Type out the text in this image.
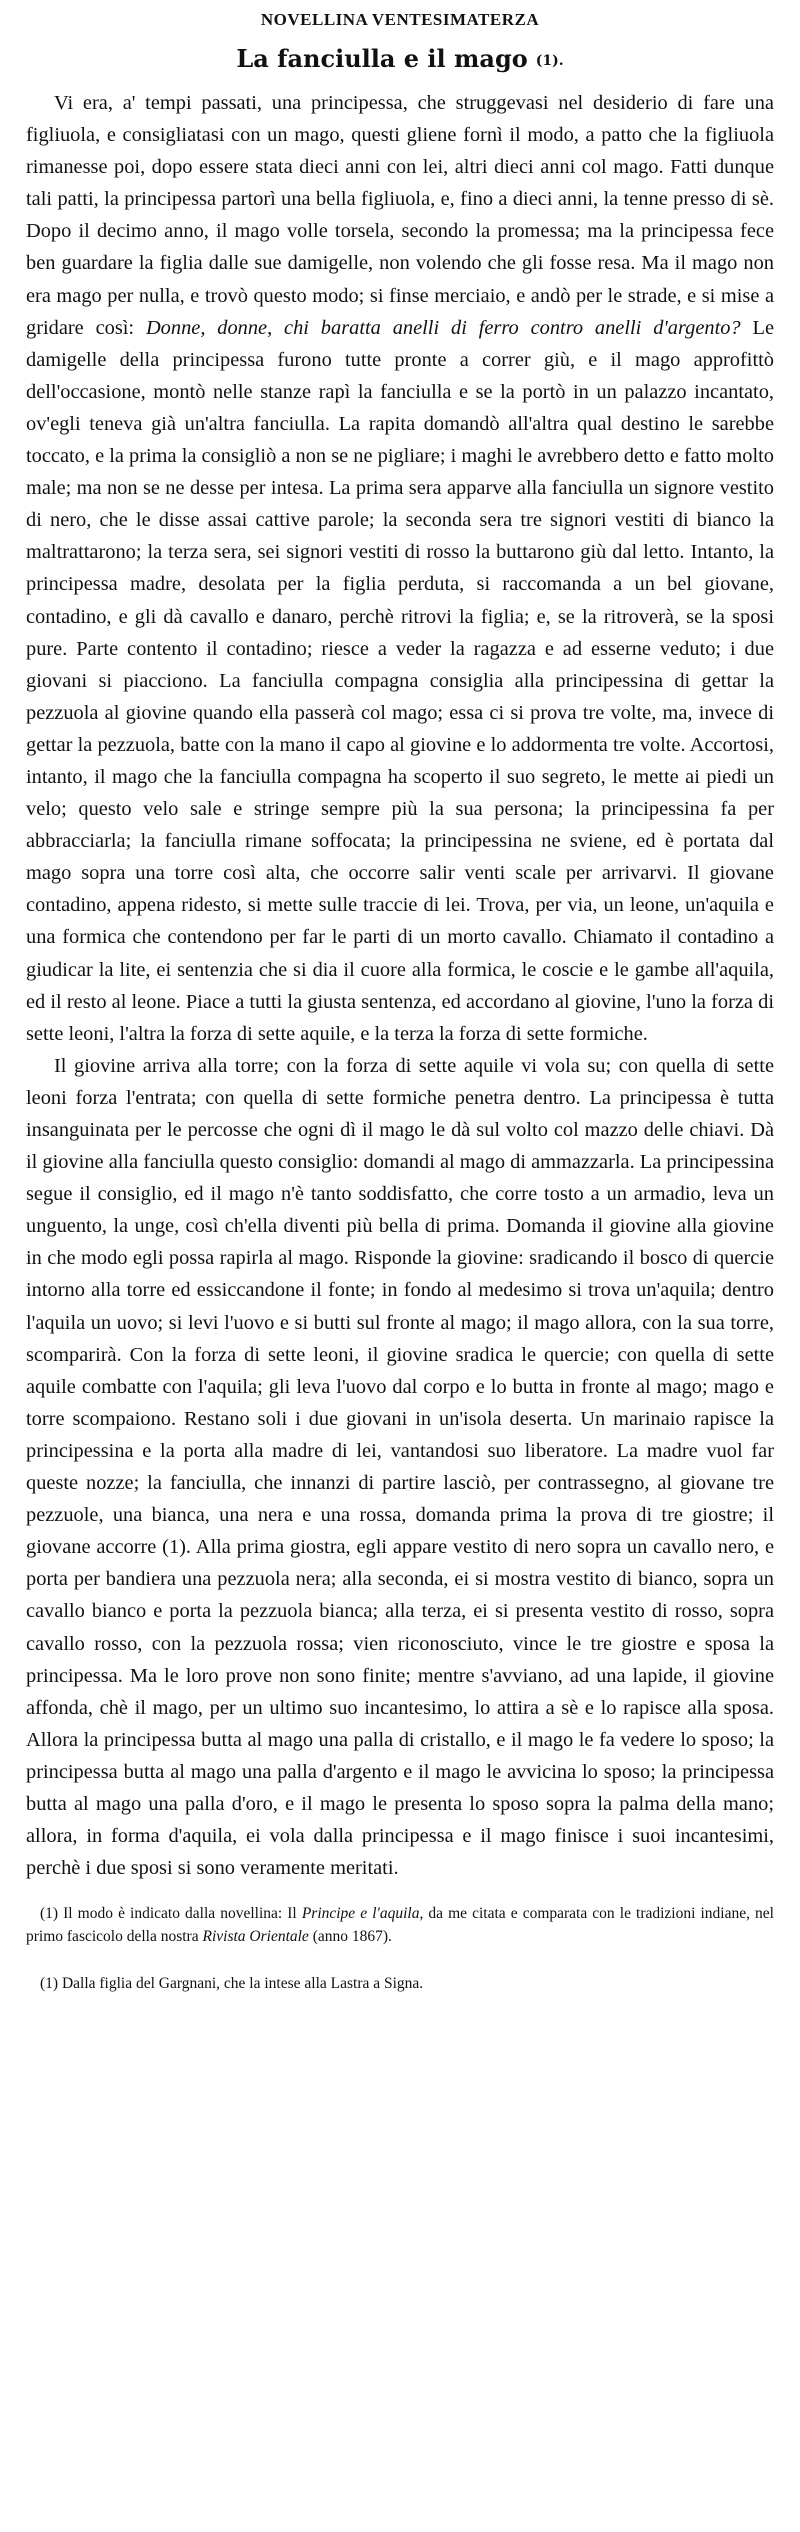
NOVELLINA VENTESIMATERZA
La fanciulla e il mago (1).

Vi era, a' tempi passati, una principessa, che struggevasi nel desiderio di fare una figliuola, e consigliatasi con un mago, questi gliene fornì il modo, a patto che la figliuola rimanesse poi, dopo essere stata dieci anni con lei, altri dieci anni col mago. Fatti dunque tali patti, la principessa partorì una bella figliuola, e, fino a dieci anni, la tenne presso di sè. Dopo il decimo anno, il mago volle torsela, secondo la promessa; ma la principessa fece ben guardare la figlia dalle sue damigelle, non volendo che gli fosse resa. Ma il mago non era mago per nulla, e trovò questo modo; si finse merciaio, e andò per le strade, e si mise a gridare così: Donne, donne, chi baratta anelli di ferro contro anelli d'argento? Le damigelle della principessa furono tutte pronte a correr giù, e il mago approfittò dell'occasione, montò nelle stanze rapì la fanciulla e se la portò in un palazzo incantato, ov'egli teneva già un'altra fanciulla. La rapita domandò all'altra qual destino le sarebbe toccato, e la prima la consigliò a non se ne pigliare; i maghi le avrebbero detto e fatto molto male; ma non se ne desse per intesa. La prima sera apparve alla fanciulla un signore vestito di nero, che le disse assai cattive parole; la seconda sera tre signori vestiti di bianco la maltrattarono; la terza sera, sei signori vestiti di rosso la buttarono giù dal letto. Intanto, la principessa madre, desolata per la figlia perduta, si raccomanda a un bel giovane, contadino, e gli dà cavallo e danaro, perchè ritrovi la figlia; e, se la ritroverà, se la sposi pure. Parte contento il contadino; riesce a veder la ragazza e ad esserne veduto; i due giovani si piacciono. La fanciulla compagna consiglia alla principessina di gettar la pezzuola al giovine quando ella passerà col mago; essa ci si prova tre volte, ma, invece di gettar la pezzuola, batte con la mano il capo al giovine e lo addormenta tre volte. Accortosi, intanto, il mago che la fanciulla compagna ha scoperto il suo segreto, le mette ai piedi un velo; questo velo sale e stringe sempre più la sua persona; la principessina fa per abbracciarla; la fanciulla rimane soffocata; la principessina ne sviene, ed è portata dal mago sopra una torre così alta, che occorre salir venti scale per arrivarvi. Il giovane contadino, appena ridesto, si mette sulle traccie di lei. Trova, per via, un leone, un'aquila e una formica che contendono per far le parti di un morto cavallo. Chiamato il contadino a giudicar la lite, ei sentenzia che si dia il cuore alla formica, le coscie e le gambe all'aquila, ed il resto al leone. Piace a tutti la giusta sentenza, ed accordano al giovine, l'uno la forza di sette leoni, l'altra la forza di sette aquile, e la terza la forza di sette formiche.

Il giovine arriva alla torre; con la forza di sette aquile vi vola su; con quella di sette leoni forza l'entrata; con quella di sette formiche penetra dentro. La principessa è tutta insanguinata per le percosse che ogni dì il mago le dà sul volto col mazzo delle chiavi. Dà il giovine alla fanciulla questo consiglio: domandi al mago di ammazzarla. La principessina segue il consiglio, ed il mago n'è tanto soddisfatto, che corre tosto a un armadio, leva un unguento, la unge, così ch'ella diventi più bella di prima. Domanda il giovine alla giovine in che modo egli possa rapirla al mago. Risponde la giovine: sradicando il bosco di quercie intorno alla torre ed essiccandone il fonte; in fondo al medesimo si trova un'aquila; dentro l'aquila un uovo; si levi l'uovo e si butti sul fronte al mago; il mago allora, con la sua torre, scomparirà. Con la forza di sette leoni, il giovine sradica le quercie; con quella di sette aquile combatte con l'aquila; gli leva l'uovo dal corpo e lo butta in fronte al mago; mago e torre scompaiono. Restano soli i due giovani in un'isola deserta. Un marinaio rapisce la principessina e la porta alla madre di lei, vantandosi suo liberatore. La madre vuol far queste nozze; la fanciulla, che innanzi di partire lasciò, per contrassegno, al giovane tre pezzuole, una bianca, una nera e una rossa, domanda prima la prova di tre giostre; il giovane accorre (1). Alla prima giostra, egli appare vestito di nero sopra un cavallo nero, e porta per bandiera una pezzuola nera; alla seconda, ei si mostra vestito di bianco, sopra un cavallo bianco e porta la pezzuola bianca; alla terza, ei si presenta vestito di rosso, sopra cavallo rosso, con la pezzuola rossa; vien riconosciuto, vince le tre giostre e sposa la principessa. Ma le loro prove non sono finite; mentre s'avviano, ad una lapide, il giovine affonda, chè il mago, per un ultimo suo incantesimo, lo attira a sè e lo rapisce alla sposa. Allora la principessa butta al mago una palla di cristallo, e il mago le fa vedere lo sposo; la principessa butta al mago una palla d'argento e il mago le avvicina lo sposo; la principessa butta al mago una palla d'oro, e il mago le presenta lo sposo sopra la palma della mano; allora, in forma d'aquila, ei vola dalla principessa e il mago finisce i suoi incantesimi, perchè i due sposi si sono veramente meritati.

(1) Il modo è indicato dalla novellina: Il Principe e l'aquila, da me citata e comparata con le tradizioni indiane, nel primo fascicolo della nostra Rivista Orientale (anno 1867).

(1) Dalla figlia del Gargnani, che la intese alla Lastra a Signa.
